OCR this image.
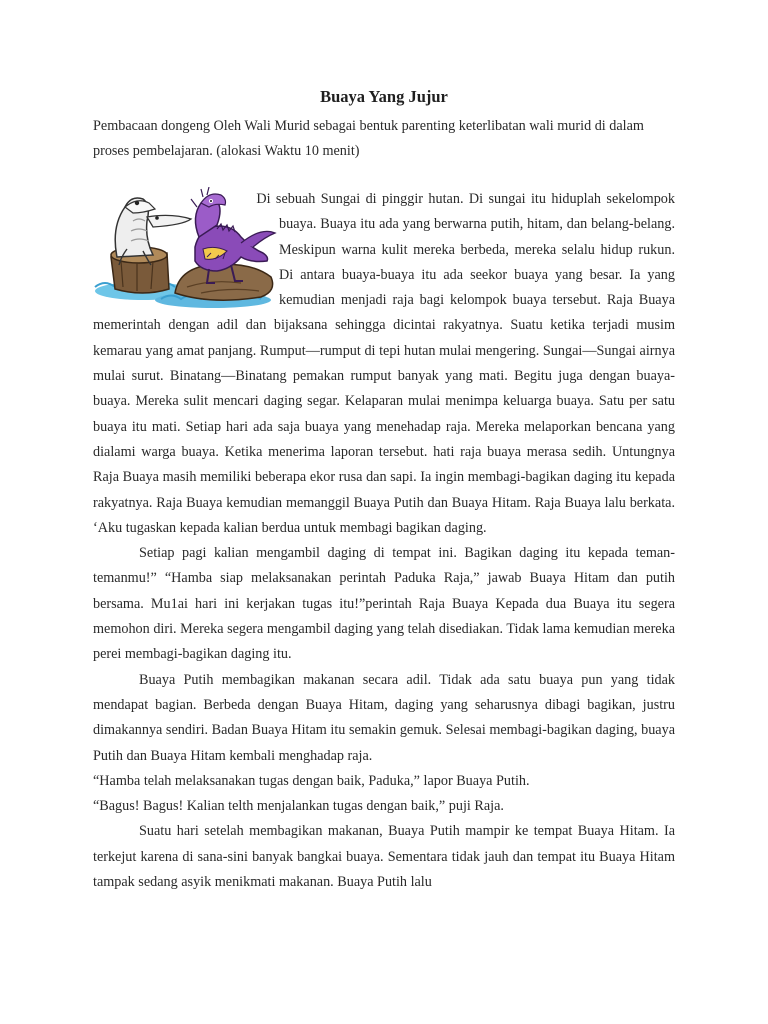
Buaya Yang Jujur

Pembacaan dongeng Oleh Wali Murid sebagai bentuk parenting keterlibatan wali murid di dalam proses pembelajaran. (alokasi Waktu 10 menit)

Di sebuah Sungai di pinggir hutan. Di sungai itu hiduplah sekelompok buaya. Buaya itu ada yang berwarna putih, hitam, dan belang-belang. Meskipun warna kulit mereka berbeda, mereka selalu hidup rukun. Di antara buaya-buaya itu ada seekor buaya yang besar. Ia yang kemudian menjadi raja bagi kelompok buaya tersebut. Raja Buaya memerintah dengan adil dan bijaksana sehingga dicintai rakyatnya. Suatu ketika terjadi musim kemarau yang amat panjang. Rumput—rumput di tepi hutan mulai mengering. Sungai—Sungai airnya mulai surut. Binatang—Binatang pemakan rumput banyak yang mati. Begitu juga dengan buaya-buaya. Mereka sulit mencari daging segar. Kelaparan mulai menimpa keluarga buaya. Satu per satu buaya itu mati. Setiap hari ada saja buaya yang menehadap raja. Mereka melaporkan bencana yang dialami warga buaya. Ketika menerima laporan tersebut. hati raja buaya merasa sedih. Untungnya Raja Buaya masih memiliki beberapa ekor rusa dan sapi. Ia ingin membagi-bagikan daging itu kepada rakyatnya. Raja Buaya kemudian memanggil Buaya Putih dan Buaya Hitam. Raja Buaya lalu berkata. ‘Aku tugaskan kepada kalian berdua untuk membagi bagikan daging.

Setiap pagi kalian mengambil daging di tempat ini. Bagikan daging itu kepada teman-temanmu!” “Hamba siap melaksanakan perintah Paduka Raja,” jawab Buaya Hitam dan putih bersama. Mu1ai hari ini kerjakan tugas itu!”perintah Raja Buaya Kepada dua Buaya itu segera memohon diri. Mereka segera mengambil daging yang telah disediakan. Tidak lama kemudian mereka perei membagi-bagikan daging itu.

Buaya Putih membagikan makanan secara adil. Tidak ada satu buaya pun yang tidak mendapat bagian. Berbeda dengan Buaya Hitam, daging yang seharusnya dibagi bagikan, justru dimakannya sendiri. Badan Buaya Hitam itu semakin gemuk. Selesai membagi-bagikan daging, buaya Putih dan Buaya Hitam kembali menghadap raja.

“Hamba telah melaksanakan tugas dengan baik, Paduka,” lapor Buaya Putih.

“Bagus! Bagus! Kalian telth menjalankan tugas dengan baik,” puji Raja.

Suatu hari setelah membagikan makanan, Buaya Putih mampir ke tempat Buaya Hitam. Ia terkejut karena di sana-sini banyak bangkai buaya. Sementara tidak jauh dan tempat itu Buaya Hitam tampak sedang asyik menikmati makanan. Buaya Putih lalu
